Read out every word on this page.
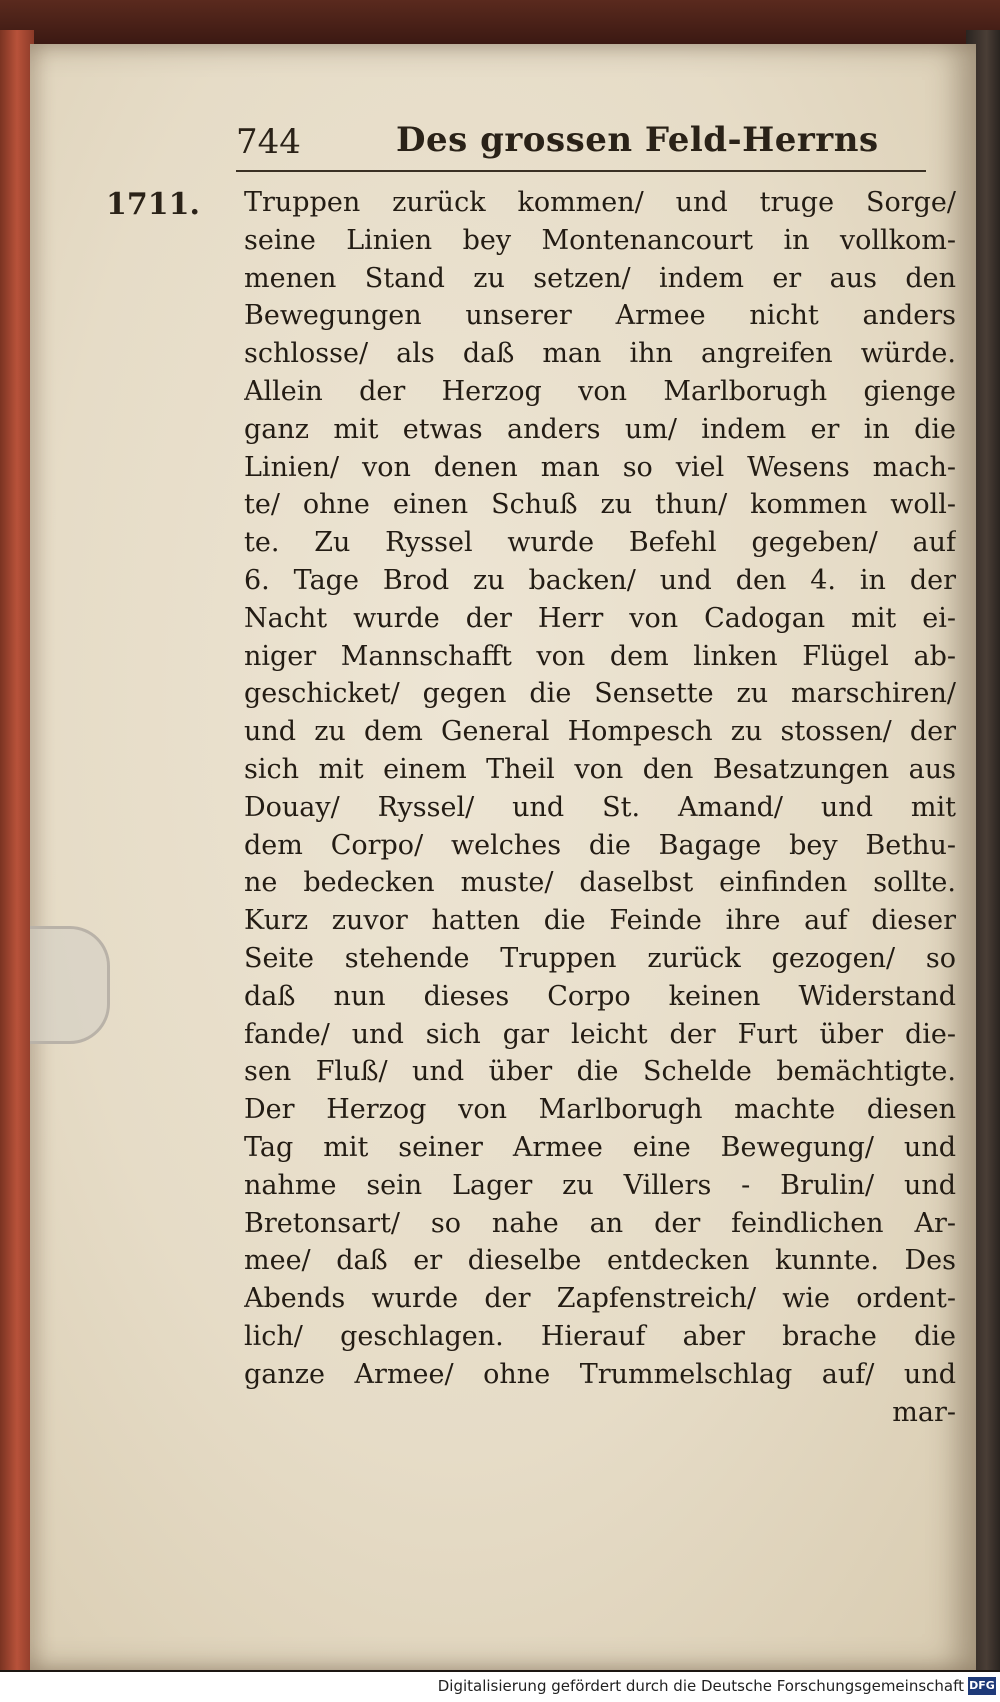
744	Des grossen Feld-Herrns
1711. Truppen zurück kommen/ und truge Sorge/
seine Linien bey Montenancourt in vollkom-
menen Stand zu setzen/ indem er aus den
Bewegungen unserer Armee nicht anders
schlosse/ als daß man ihn angreifen würde.
Allein der Herzog von Marlborugh gienge
ganz mit etwas anders um/ indem er in die
Linien/ von denen man so viel Wesens mach-
te/ ohne einen Schuß zu thun/ kommen woll-
te. Zu Ryssel wurde Befehl gegeben/ auf
6. Tage Brod zu backen/ und den 4. in der
Nacht wurde der Herr von Cadogan mit ei-
niger Mannschafft von dem linken Flügel ab-
geschicket/ gegen die Sensette zu marschiren/
und zu dem General Hompesch zu stossen/ der
sich mit einem Theil von den Besatzungen aus
Douay/ Ryssel/ und St. Amand/ und mit
dem Corpo/ welches die Bagage bey Bethu-
ne bedecken muste/ daselbst einfinden sollte.
Kurz zuvor hatten die Feinde ihre auf dieser
Seite stehende Truppen zurück gezogen/ so
daß nun dieses Corpo keinen Widerstand
fande/ und sich gar leicht der Furt über die-
sen Fluß/ und über die Schelde bemächtigte.
Der Herzog von Marlborugh machte diesen
Tag mit seiner Armee eine Bewegung/ und
nahme sein Lager zu Villers - Brulin/ und
Bretonsart/ so nahe an der feindlichen Ar-
mee/ daß er dieselbe entdecken kunnte. Des
Abends wurde der Zapfenstreich/ wie ordent-
lich/ geschlagen. Hierauf aber brache die
ganze Armee/ ohne Trummelschlag auf/ und
mar-
Digitalisierung gefördert durch die Deutsche Forschungsgemeinschaft DFG
